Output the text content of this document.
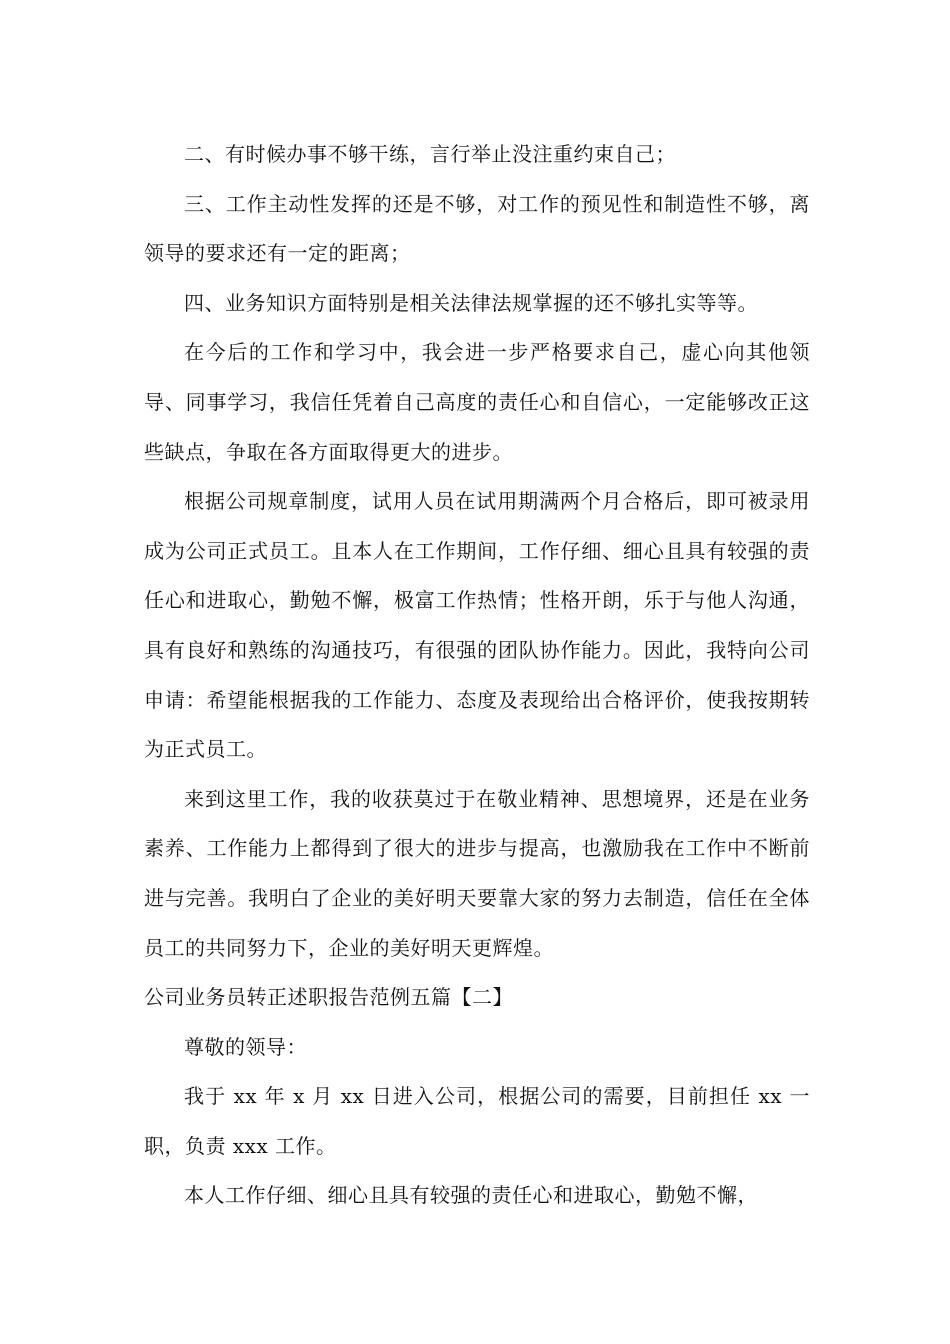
二、有时候办事不够干练，言行举止没注重约束自己；

三、工作主动性发挥的还是不够，对工作的预见性和制造性不够，离领导的要求还有一定的距离；

四、业务知识方面特别是相关法律法规掌握的还不够扎实等等。

在今后的工作和学习中，我会进一步严格要求自己，虚心向其他领导、同事学习，我信任凭着自己高度的责任心和自信心，一定能够改正这些缺点，争取在各方面取得更大的进步。

根据公司规章制度，试用人员在试用期满两个月合格后，即可被录用成为公司正式员工。且本人在工作期间，工作仔细、细心且具有较强的责任心和进取心，勤勉不懈，极富工作热情；性格开朗，乐于与他人沟通，具有良好和熟练的沟通技巧，有很强的团队协作能力。因此，我特向公司申请：希望能根据我的工作能力、态度及表现给出合格评价，使我按期转为正式员工。

来到这里工作，我的收获莫过于在敬业精神、思想境界，还是在业务素养、工作能力上都得到了很大的进步与提高，也激励我在工作中不断前进与完善。我明白了企业的美好明天要靠大家的努力去制造，信任在全体员工的共同努力下，企业的美好明天更辉煌。

公司业务员转正述职报告范例五篇【二】

尊敬的领导：

我于 xx 年 x 月 xx 日进入公司，根据公司的需要，目前担任 xx 一职，负责 xxx 工作。

本人工作仔细、细心且具有较强的责任心和进取心，勤勉不懈，
